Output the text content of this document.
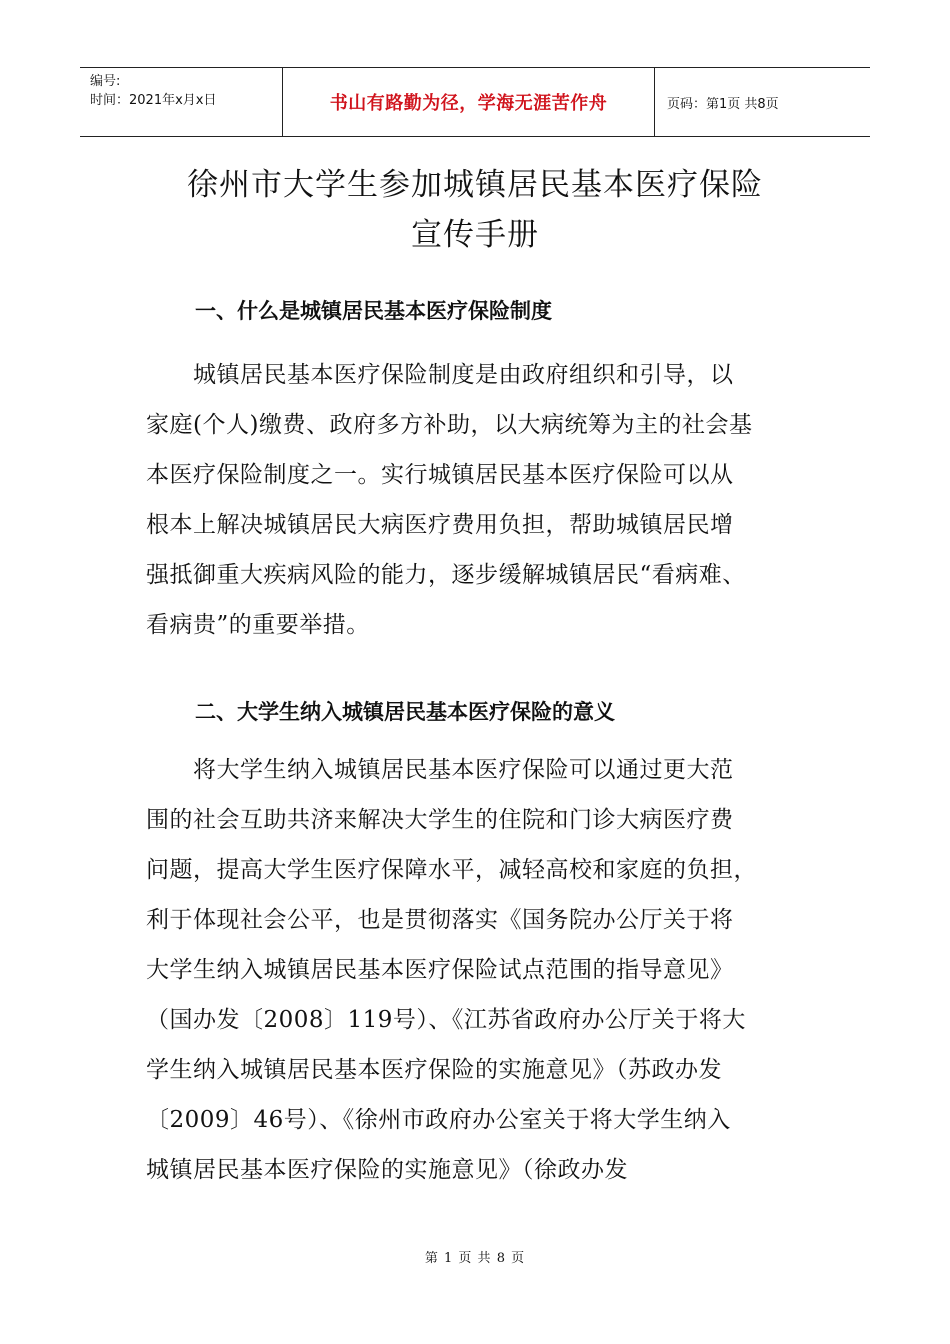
编号:
时间：2021年x月x日	书山有路勤为径，学海无涯苦作舟	页码：第1页 共8页
徐州市大学生参加城镇居民基本医疗保险
宣传手册
一、什么是城镇居民基本医疗保险制度
　　城镇居民基本医疗保险制度是由政府组织和引导，以
家庭(个人)缴费、政府多方补助，以大病统筹为主的社会基
本医疗保险制度之一。实行城镇居民基本医疗保险可以从
根本上解决城镇居民大病医疗费用负担，帮助城镇居民增
强抵御重大疾病风险的能力，逐步缓解城镇居民“看病难、
看病贵”的重要举措。
二、大学生纳入城镇居民基本医疗保险的意义
　　将大学生纳入城镇居民基本医疗保险可以通过更大范
围的社会互助共济来解决大学生的住院和门诊大病医疗费
问题，提高大学生医疗保障水平，减轻高校和家庭的负担，
利于体现社会公平，也是贯彻落实《国务院办公厅关于将
大学生纳入城镇居民基本医疗保险试点范围的指导意见》
（国办发〔2008〕119号）、《江苏省政府办公厅关于将大
学生纳入城镇居民基本医疗保险的实施意见》（苏政办发
〔2009〕46号）、《徐州市政府办公室关于将大学生纳入
城镇居民基本医疗保险的实施意见》（徐政办发
第 1 页 共 8 页
